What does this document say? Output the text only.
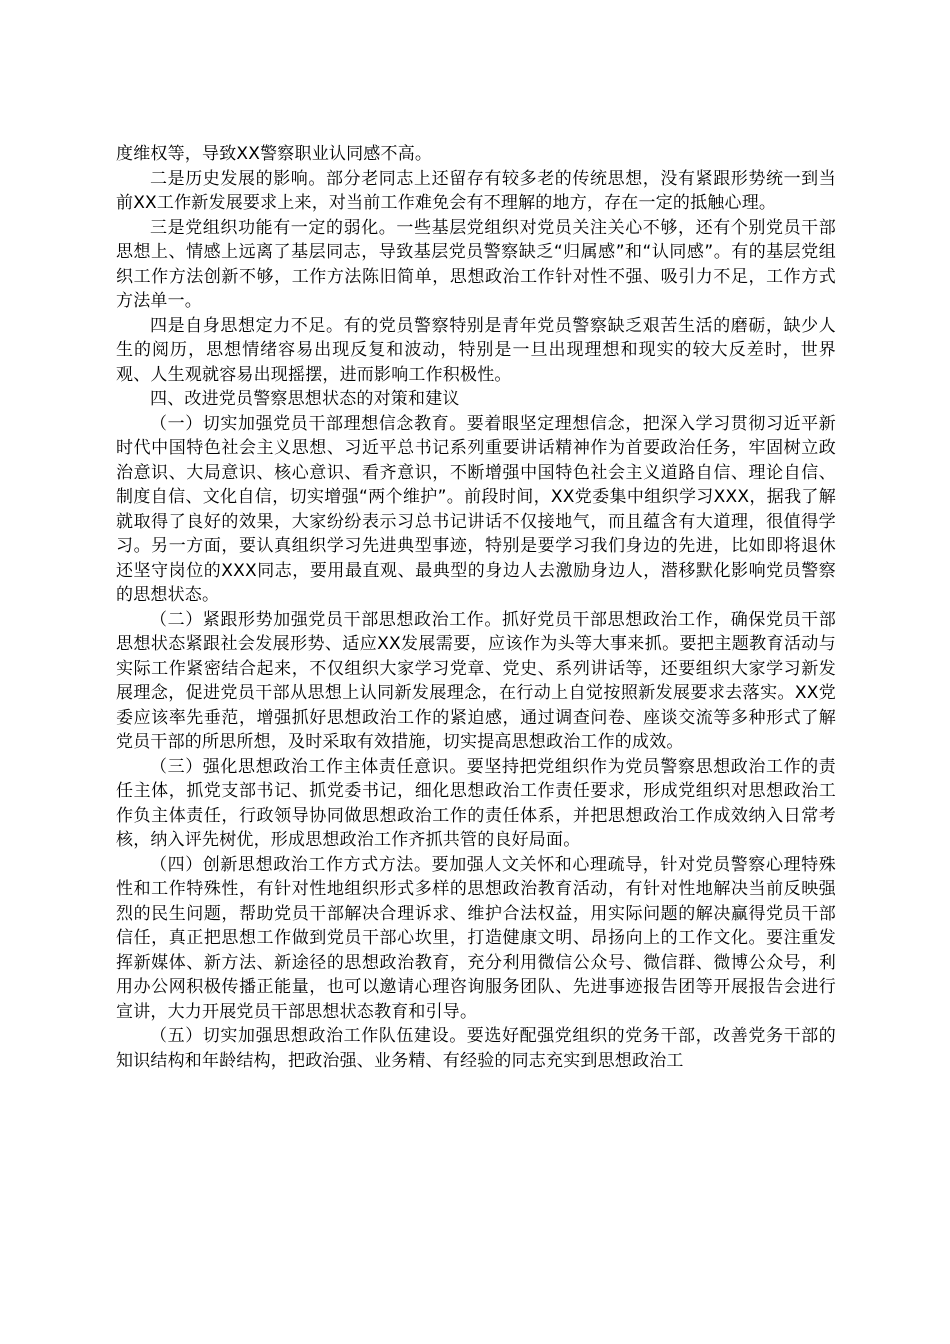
度维权等，导致XX警察职业认同感不高。

二是历史发展的影响。部分老同志上还留存有较多老的传统思想，没有紧跟形势统一到当前XX工作新发展要求上来，对当前工作难免会有不理解的地方，存在一定的抵触心理。

三是党组织功能有一定的弱化。一些基层党组织对党员关注关心不够，还有个别党员干部思想上、情感上远离了基层同志，导致基层党员警察缺乏“归属感”和“认同感”。有的基层党组织工作方法创新不够，工作方法陈旧简单，思想政治工作针对性不强、吸引力不足，工作方式方法单一。

四是自身思想定力不足。有的党员警察特别是青年党员警察缺乏艰苦生活的磨砺，缺少人生的阅历，思想情绪容易出现反复和波动，特别是一旦出现理想和现实的较大反差时，世界观、人生观就容易出现摇摆，进而影响工作积极性。

四、改进党员警察思想状态的对策和建议

（一）切实加强党员干部理想信念教育。要着眼坚定理想信念，把深入学习贯彻习近平新时代中国特色社会主义思想、习近平总书记系列重要讲话精神作为首要政治任务，牢固树立政治意识、大局意识、核心意识、看齐意识，不断增强中国特色社会主义道路自信、理论自信、制度自信、文化自信，切实增强“两个维护”。前段时间，XX党委集中组织学习XXX，据我了解就取得了良好的效果，大家纷纷表示习总书记讲话不仅接地气，而且蕴含有大道理，很值得学习。另一方面，要认真组织学习先进典型事迹，特别是要学习我们身边的先进，比如即将退休还坚守岗位的XXX同志，要用最直观、最典型的身边人去激励身边人，潜移默化影响党员警察的思想状态。

（二）紧跟形势加强党员干部思想政治工作。抓好党员干部思想政治工作，确保党员干部思想状态紧跟社会发展形势、适应XX发展需要，应该作为头等大事来抓。要把主题教育活动与实际工作紧密结合起来，不仅组织大家学习党章、党史、系列讲话等，还要组织大家学习新发展理念，促进党员干部从思想上认同新发展理念，在行动上自觉按照新发展要求去落实。XX党委应该率先垂范，增强抓好思想政治工作的紧迫感，通过调查问卷、座谈交流等多种形式了解党员干部的所思所想，及时采取有效措施，切实提高思想政治工作的成效。

（三）强化思想政治工作主体责任意识。要坚持把党组织作为党员警察思想政治工作的责任主体，抓党支部书记、抓党委书记，细化思想政治工作责任要求，形成党组织对思想政治工作负主体责任，行政领导协同做思想政治工作的责任体系，并把思想政治工作成效纳入日常考核，纳入评先树优，形成思想政治工作齐抓共管的良好局面。

（四）创新思想政治工作方式方法。要加强人文关怀和心理疏导，针对党员警察心理特殊性和工作特殊性，有针对性地组织形式多样的思想政治教育活动，有针对性地解决当前反映强烈的民生问题，帮助党员干部解决合理诉求、维护合法权益，用实际问题的解决赢得党员干部信任，真正把思想工作做到党员干部心坎里，打造健康文明、昂扬向上的工作文化。要注重发挥新媒体、新方法、新途径的思想政治教育，充分利用微信公众号、微信群、微博公众号，利用办公网积极传播正能量，也可以邀请心理咨询服务团队、先进事迹报告团等开展报告会进行宣讲，大力开展党员干部思想状态教育和引导。

（五）切实加强思想政治工作队伍建设。要选好配强党组织的党务干部，改善党务干部的知识结构和年龄结构，把政治强、业务精、有经验的同志充实到思想政治工
